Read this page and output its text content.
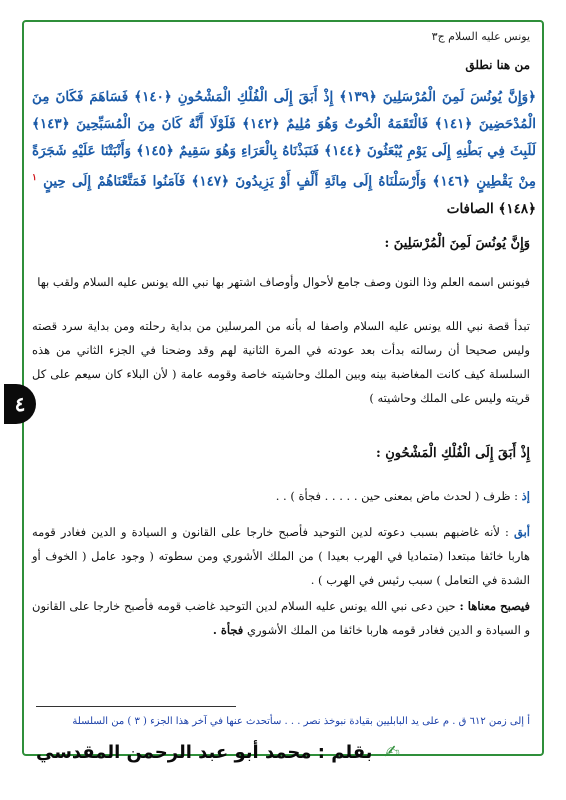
يونس عليه السلام ج٣
من هنا نطلق
﴿وَإِنَّ يُونُسَ لَمِنَ الْمُرْسَلِينَ ﴿١٣٩﴾ إِذْ أَبَقَ إِلَى الْفُلْكِ الْمَشْحُونِ ﴿١٤٠﴾ فَسَاهَمَ فَكَانَ مِنَ الْمُدْحَضِينَ ﴿١٤١﴾ فَالْتَقَمَهُ الْحُوتُ وَهُوَ مُلِيمٌ ﴿١٤٢﴾ فَلَوْلَا أَنَّهُ كَانَ مِنَ الْمُسَبِّحِينَ ﴿١٤٣﴾ لَلَبِثَ فِي بَطْنِهِ إِلَى يَوْمِ يُبْعَثُونَ ﴿١٤٤﴾ فَنَبَذْنَاهُ بِالْعَرَاءِ وَهُوَ سَقِيمٌ ﴿١٤٥﴾ وَأَنْبَتْنَا عَلَيْهِ شَجَرَةً مِنْ يَقْطِينٍ ﴿١٤٦﴾ وَأَرْسَلْنَاهُ إِلَى مِائَةِ أَلْفٍ أَوْ يَزِيدُونَ ﴿١٤٧﴾ فَآمَنُوا فَمَتَّعْنَاهُمْ إِلَى حِينٍ $^١$ ﴿١٤٨﴾ الصافات
وَإِنَّ يُونُسَ لَمِنَ الْمُرْسَلِينَ :
فيونس اسمه العلم وذا النون وصف جامع لأحوال وأوصاف اشتهر بها نبي الله يونس عليه السلام ولقب بها
تبدأ قصة نبي الله يونس عليه السلام واصفا له بأنه من المرسلين من بداية رحلته ومن بداية سرد قصته وليس صحيحا أن رسالته بدأت بعد عودته في المرة الثانية لهم وقد وضحنا في الجزء الثاني من هذه السلسلة كيف كانت المغاضبة بينه وبين الملك وحاشيته خاصة وقومه عامة ( لأن البلاء كان سيعم على كل قريته وليس على الملك وحاشيته )
إِذْ أَبَقَ إِلَى الْفُلْكِ الْمَشْحُونِ :
إذ : ظرف ( لحدث ماض بمعنى حين . . . . . فجأة ) . .
أبق : لأنه غاضبهم بسبب دعوته لدين التوحيد فأصبح خارجا على القانون و السيادة و الدين فغادر قومه هاربا خائفا مبتعدا (متماديا في الهرب بعيدا ) من الملك الأشوري ومن سطوته ( وجود عامل ( الخوف أو الشدة في التعامل ) سبب رئيس في الهرب ) .
فيصبح معناها : حين دعى نبي الله يونس عليه السلام لدين التوحيد غاضب قومه فأصبح خارجا على القانون و السيادة و الدين فغادر قومه هاربا خائفا من الملك الأشوري فجأة .
٤
أ إلى زمن ٦١٢ ق . م على يد البابليين بقيادة نبوخذ نصر . . . سأتحدث عنها في آخر هذا الجزء ( ٣ ) من السلسلة
✍ بقلم : محمد أبو عبد الرحمن المقدسي
